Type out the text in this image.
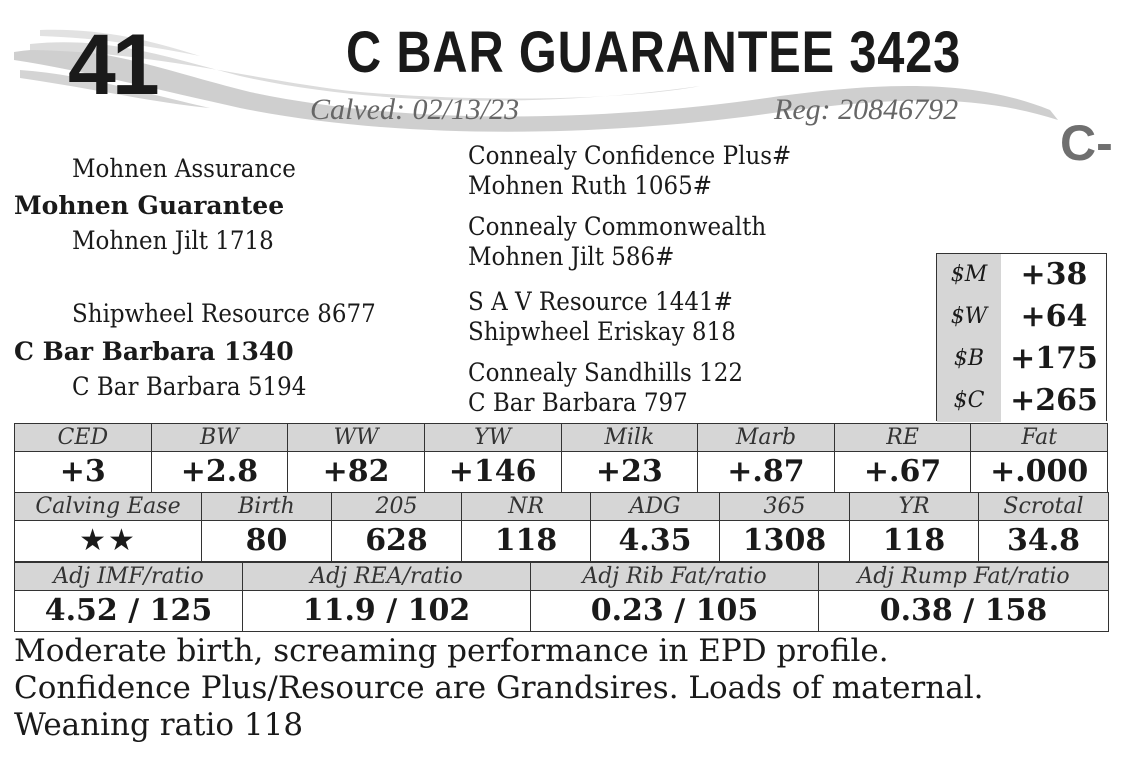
41	C BAR GUARANTEE 3423
Calved: 02/13/23	Reg: 20846792
C-
Mohnen Assurance
Mohnen Guarantee
Mohnen Jilt 1718
Shipwheel Resource 8677
C Bar Barbara 1340
C Bar Barbara 5194
Connealy Confidence Plus#
Mohnen Ruth 1065#
Connealy Commonwealth
Mohnen Jilt 586#
S A V Resource 1441#
Shipwheel Eriskay 818
Connealy Sandhills 122
C Bar Barbara 797
$M	+38
$W	+64
$B +175
$C +265
CED	BW	WW	YW	Milk	Marb	RE	Fat
+3	+2.8	+82	+146	+23	+.87	+.67	+.000
Calving Ease	Birth	205	NR	ADG	365	YR	Scrotal
★★	80	628	118	4.35	1308	118	34.8
Adj IMF/ratio	Adj REA/ratio	Adj Rib Fat/ratio	Adj Rump Fat/ratio
4.52 / 125	11.9 / 102	0.23 / 105	0.38 / 158
Moderate birth, screaming performance in EPD profile.
Confidence Plus/Resource are Grandsires. Loads of maternal.
Weaning ratio 118
